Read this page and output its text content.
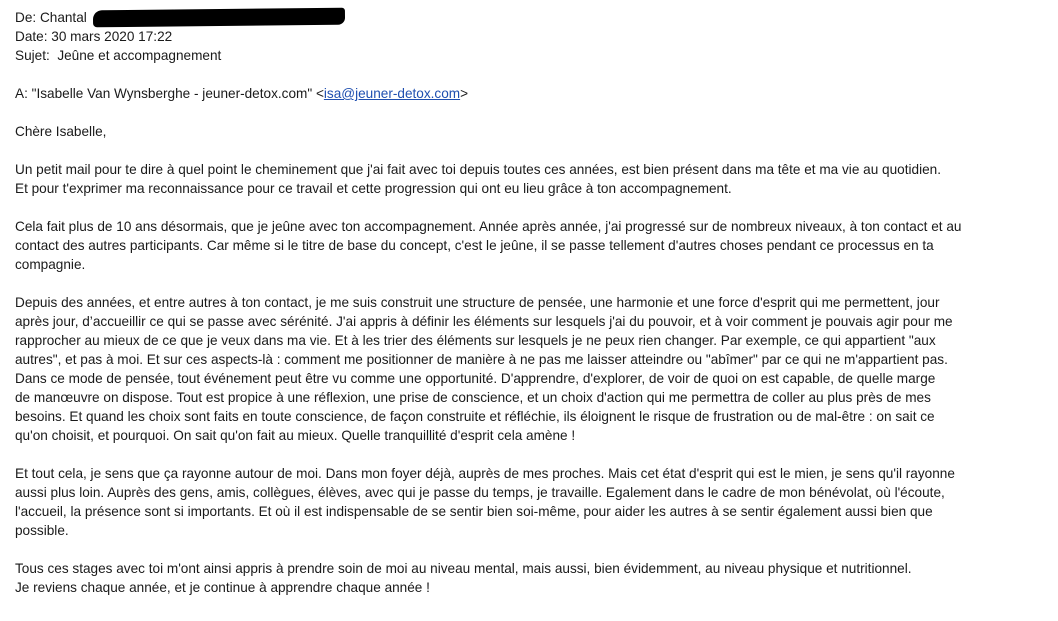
De: Chantal
Date: 30 mars 2020 17:22
Sujet: Jeûne et accompagnement
A: "Isabelle Van Wynsberghe - jeuner-detox.com" <isa@jeuner-detox.com>

Chère Isabelle,

Un petit mail pour te dire à quel point le cheminement que j'ai fait avec toi depuis toutes ces années, est bien présent dans ma tête et ma vie au quotidien.
Et pour t'exprimer ma reconnaissance pour ce travail et cette progression qui ont eu lieu grâce à ton accompagnement.

Cela fait plus de 10 ans désormais, que je jeûne avec ton accompagnement. Année après année, j'ai progressé sur de nombreux niveaux, à ton contact et au
contact des autres participants. Car même si le titre de base du concept, c'est le jeûne, il se passe tellement d'autres choses pendant ce processus en ta
compagnie.

Depuis des années, et entre autres à ton contact, je me suis construit une structure de pensée, une harmonie et une force d'esprit qui me permettent, jour
après jour, d’accueillir ce qui se passe avec sérénité. J'ai appris à définir les éléments sur lesquels j'ai du pouvoir, et à voir comment je pouvais agir pour me
rapprocher au mieux de ce que je veux dans ma vie. Et à les trier des éléments sur lesquels je ne peux rien changer. Par exemple, ce qui appartient "aux
autres", et pas à moi. Et sur ces aspects-là : comment me positionner de manière à ne pas me laisser atteindre ou "abîmer" par ce qui ne m'appartient pas.
Dans ce mode de pensée, tout événement peut être vu comme une opportunité. D'apprendre, d'explorer, de voir de quoi on est capable, de quelle marge
de manœuvre on dispose. Tout est propice à une réflexion, une prise de conscience, et un choix d'action qui me permettra de coller au plus près de mes
besoins. Et quand les choix sont faits en toute conscience, de façon construite et réfléchie, ils éloignent le risque de frustration ou de mal-être : on sait ce
qu'on choisit, et pourquoi. On sait qu'on fait au mieux. Quelle tranquillité d'esprit cela amène !

Et tout cela, je sens que ça rayonne autour de moi. Dans mon foyer déjà, auprès de mes proches. Mais cet état d'esprit qui est le mien, je sens qu'il rayonne
aussi plus loin. Auprès des gens, amis, collègues, élèves, avec qui je passe du temps, je travaille. Egalement dans le cadre de mon bénévolat, où l'écoute,
l'accueil, la présence sont si importants. Et où il est indispensable de se sentir bien soi-même, pour aider les autres à se sentir également aussi bien que
possible.

Tous ces stages avec toi m'ont ainsi appris à prendre soin de moi au niveau mental, mais aussi, bien évidemment, au niveau physique et nutritionnel.
Je reviens chaque année, et je continue à apprendre chaque année !
